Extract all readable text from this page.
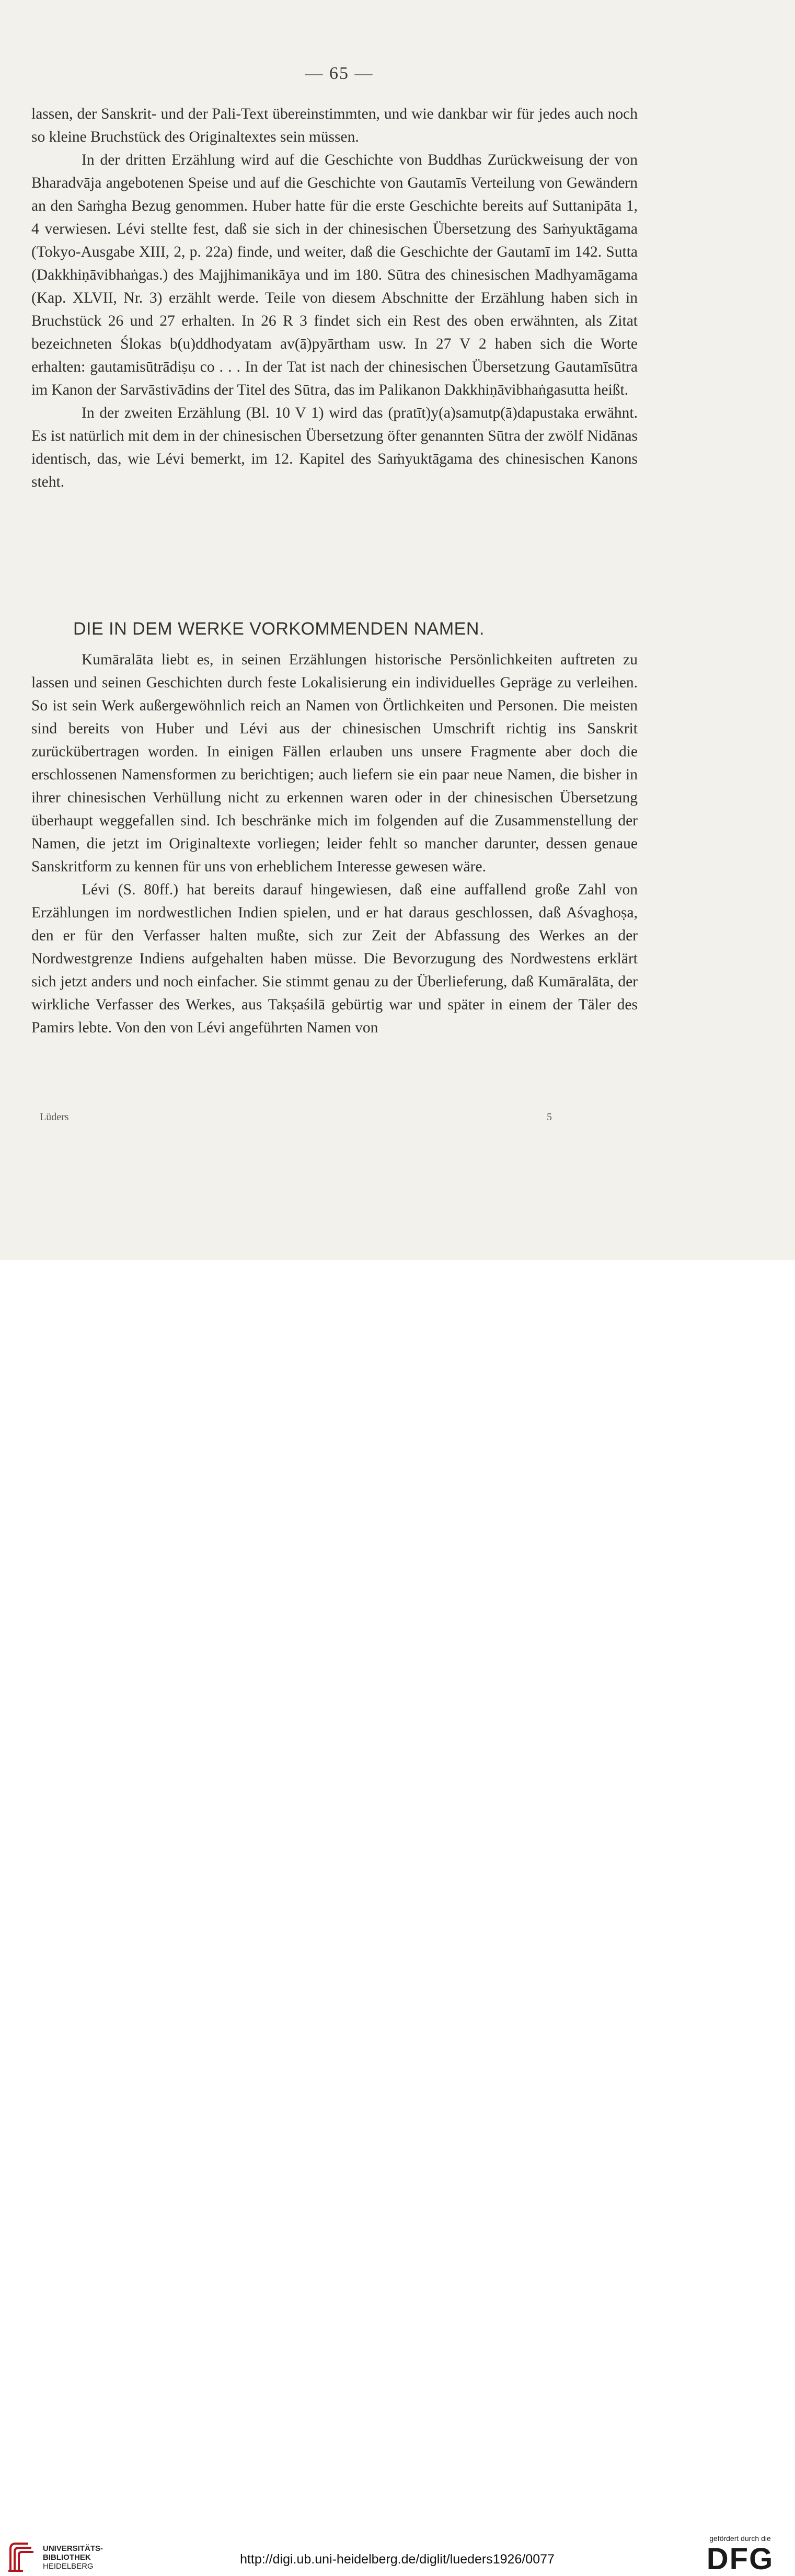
— 65 —

lassen, der Sanskrit- und der Pali-Text übereinstimmten, und wie dankbar wir für jedes auch noch so kleine Bruchstück des Originaltextes sein müssen.

In der dritten Erzählung wird auf die Geschichte von Buddhas Zurückweisung der von Bharadvāja angebotenen Speise und auf die Geschichte von Gautamīs Verteilung von Gewändern an den Saṁgha Bezug genommen. Huber hatte für die erste Geschichte bereits auf Suttanipāta 1, 4 verwiesen. Lévi stellte fest, daß sie sich in der chinesischen Übersetzung des Saṁyuktāgama (Tokyo-Ausgabe XIII, 2, p. 22a) finde, und weiter, daß die Geschichte der Gautamī im 142. Sutta (Dakkhiṇāvibhaṅgas.) des Majjhimanikāya und im 180. Sūtra des chinesischen Madhyamāgama (Kap. XLVII, Nr. 3) erzählt werde. Teile von diesem Abschnitte der Erzählung haben sich in Bruchstück 26 und 27 erhalten. In 26 R 3 findet sich ein Rest des oben erwähnten, als Zitat bezeichneten Ślokas b(u)ddhodyatam av(ā)pyārtham usw. In 27 V 2 haben sich die Worte erhalten: gautamisūtrādiṣu co . . . In der Tat ist nach der chinesischen Übersetzung Gautamīsūtra im Kanon der Sarvāstivādins der Titel des Sūtra, das im Palikanon Dakkhiṇāvibhaṅgasutta heißt.

In der zweiten Erzählung (Bl. 10 V 1) wird das (pratīt)y(a)samutp(ā)dapustaka erwähnt. Es ist natürlich mit dem in der chinesischen Übersetzung öfter genannten Sūtra der zwölf Nidānas identisch, das, wie Lévi bemerkt, im 12. Kapitel des Saṁyuktāgama des chinesischen Kanons steht.

DIE IN DEM WERKE VORKOMMENDEN NAMEN.

Kumāralāta liebt es, in seinen Erzählungen historische Persönlichkeiten auftreten zu lassen und seinen Geschichten durch feste Lokalisierung ein individuelles Gepräge zu verleihen. So ist sein Werk außergewöhnlich reich an Namen von Örtlichkeiten und Personen. Die meisten sind bereits von Huber und Lévi aus der chinesischen Umschrift richtig ins Sanskrit zurückübertragen worden. In einigen Fällen erlauben uns unsere Fragmente aber doch die erschlossenen Namensformen zu berichtigen; auch liefern sie ein paar neue Namen, die bisher in ihrer chinesischen Verhüllung nicht zu erkennen waren oder in der chinesischen Übersetzung überhaupt weggefallen sind. Ich beschränke mich im folgenden auf die Zusammenstellung der Namen, die jetzt im Originaltexte vorliegen; leider fehlt so mancher darunter, dessen genaue Sanskritform zu kennen für uns von erheblichem Interesse gewesen wäre.

Lévi (S. 80ff.) hat bereits darauf hingewiesen, daß eine auffallend große Zahl von Erzählungen im nordwestlichen Indien spielen, und er hat daraus geschlossen, daß Aśvaghoṣa, den er für den Verfasser halten mußte, sich zur Zeit der Abfassung des Werkes an der Nordwestgrenze Indiens aufgehalten haben müsse. Die Bevorzugung des Nordwestens erklärt sich jetzt anders und noch einfacher. Sie stimmt genau zu der Überlieferung, daß Kumāralāta, der wirkliche Verfasser des Werkes, aus Takṣaśilā gebürtig war und später in einem der Täler des Pamirs lebte. Von den von Lévi angeführten Namen von

Lüders	5
UNIVERSITÄTS-
BIBLIOTHEK
HEIDELBERG	http://digi.ub.uni-heidelberg.de/diglit/lueders1926/0077
gefördert durch die
DFG
